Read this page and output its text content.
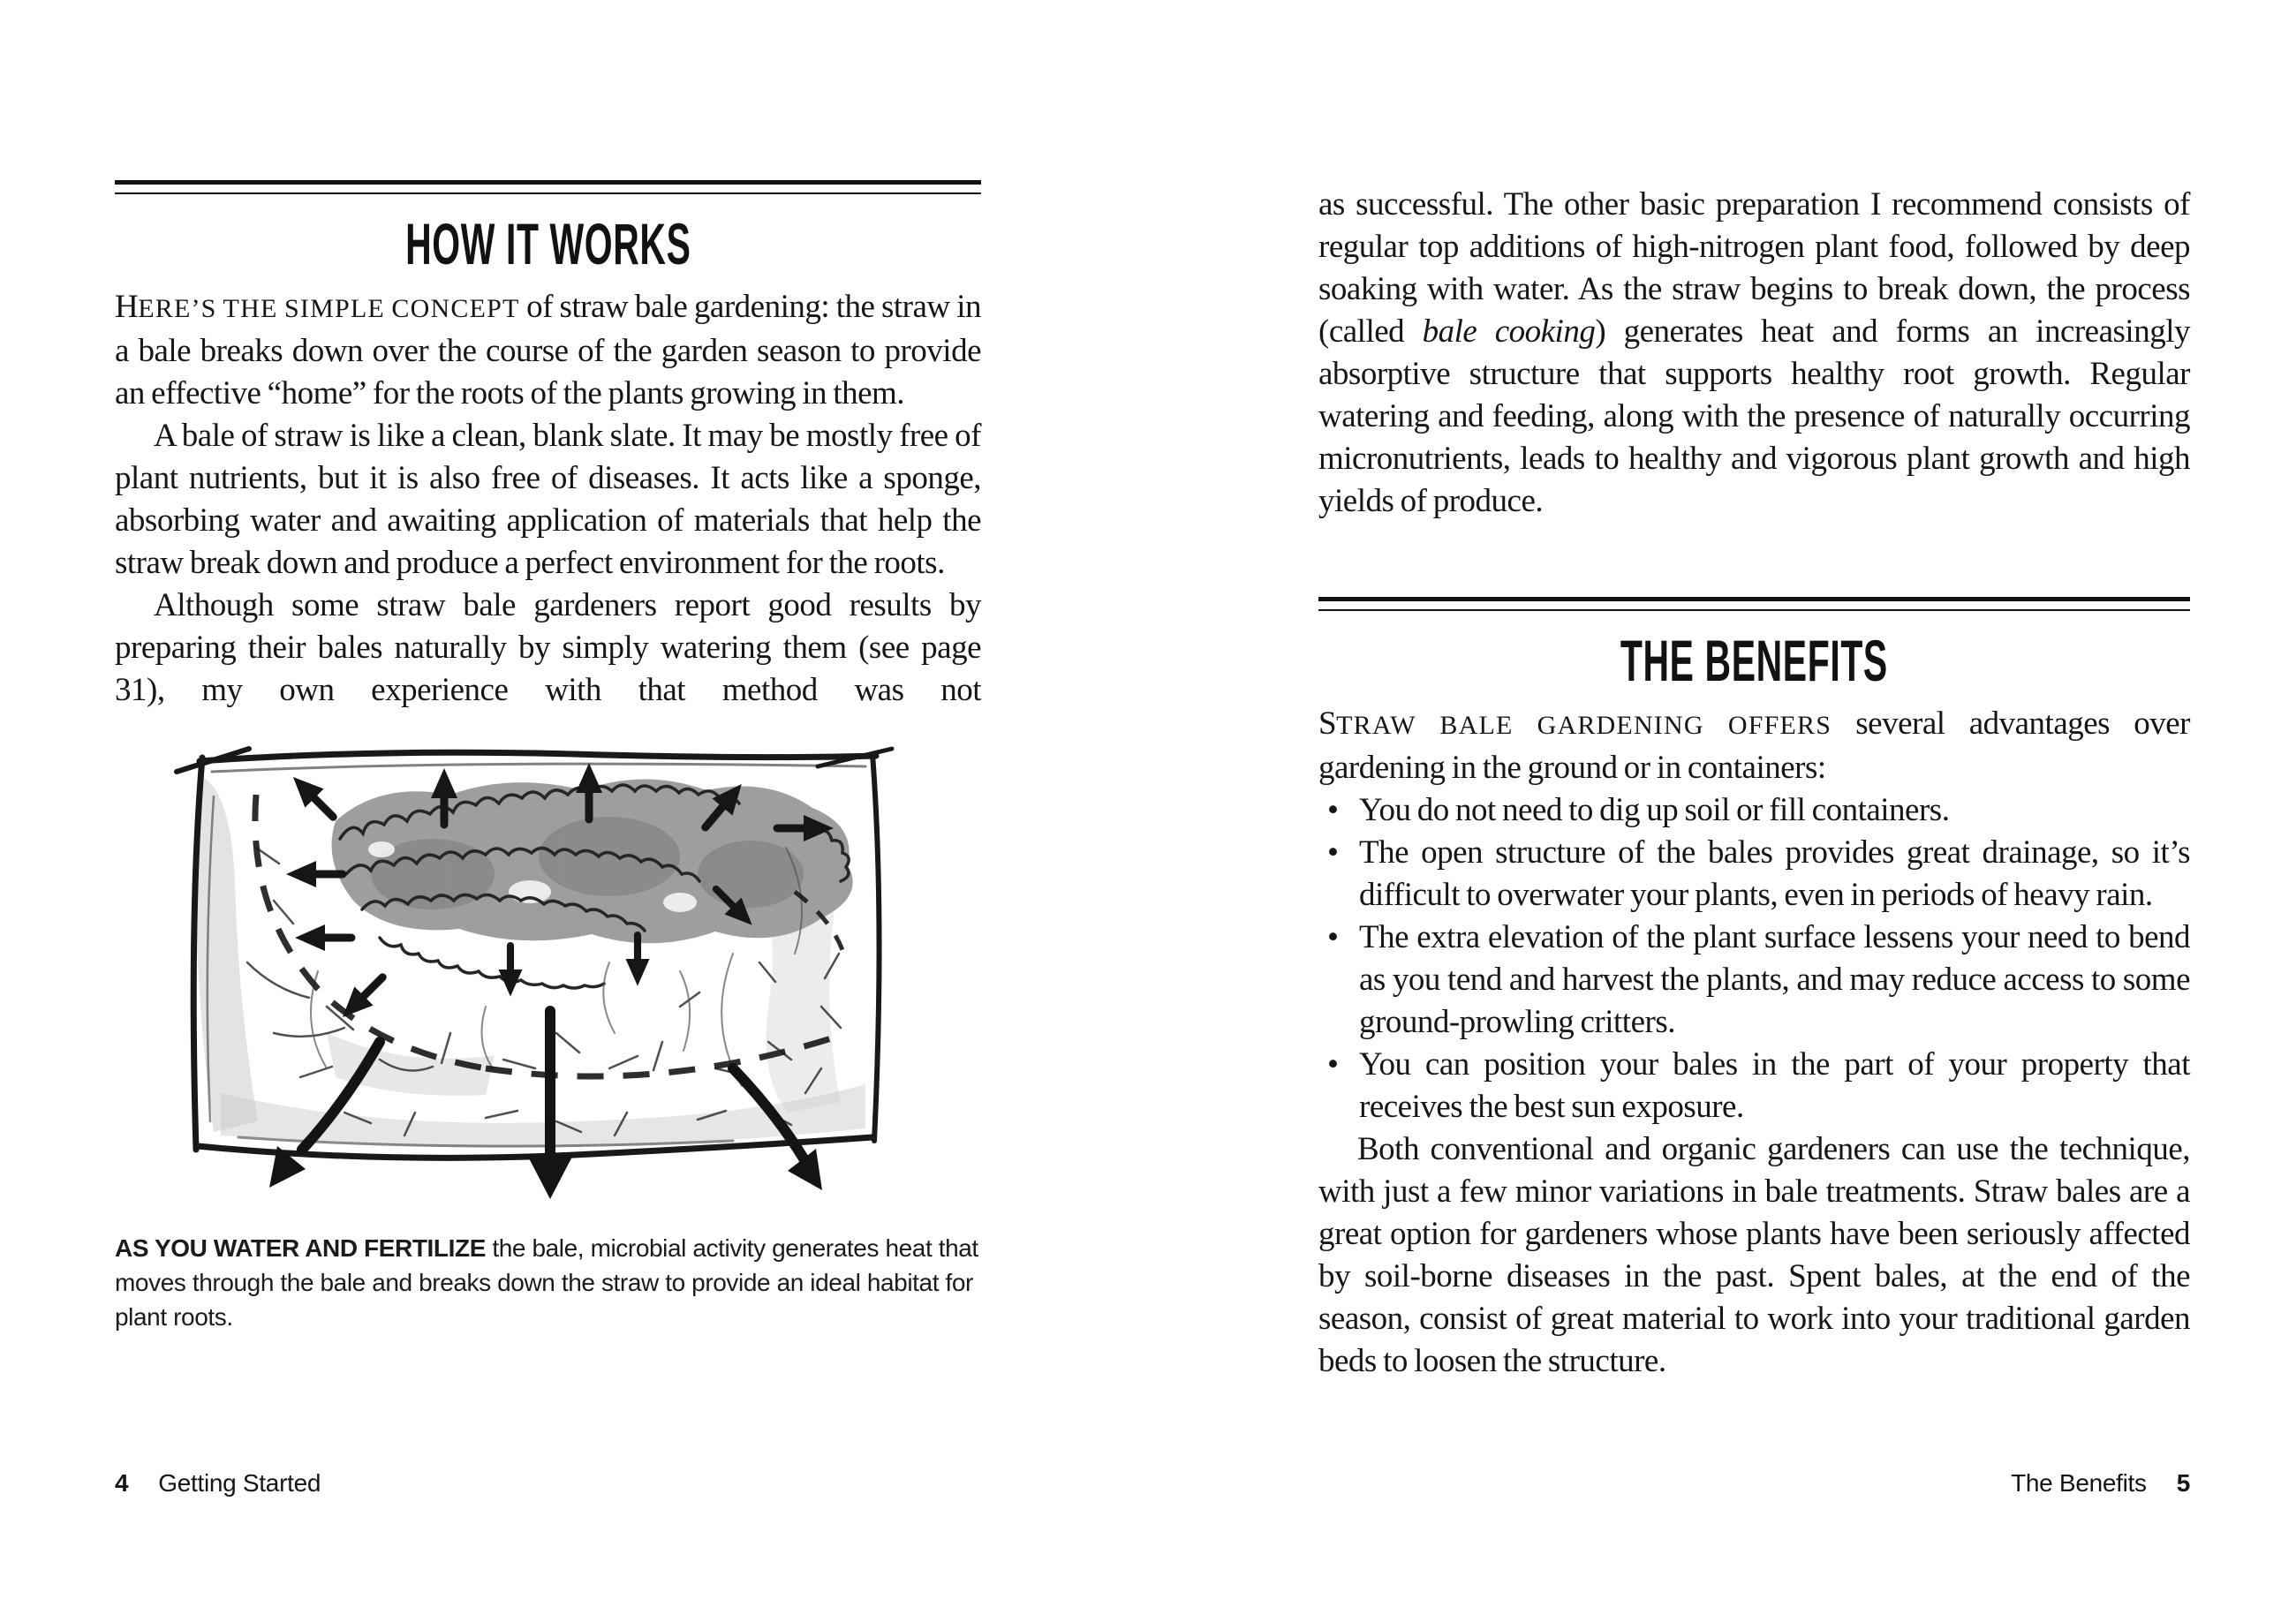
HOW IT WORKS

HERE’S THE SIMPLE CONCEPT of straw bale gardening: the straw in a bale breaks down over the course of the garden season to provide an effective “home” for the roots of the plants growing in them.

A bale of straw is like a clean, blank slate. It may be mostly free of plant nutrients, but it is also free of diseases. It acts like a sponge, absorbing water and awaiting application of materials that help the straw break down and produce a perfect environment for the roots.

Although some straw bale gardeners report good results by preparing their bales naturally by simply watering them (see page 31), my own experience with that method was not

AS YOU WATER AND FERTILIZE the bale, microbial activity generates heat that moves through the bale and breaks down the straw to provide an ideal habitat for plant roots.
4 Getting Started

as successful. The other basic preparation I recommend consists of regular top additions of high-nitrogen plant food, followed by deep soaking with water. As the straw begins to break down, the process (called bale cooking) generates heat and forms an increasingly absorptive structure that supports healthy root growth. Regular watering and feeding, along with the presence of naturally occurring micronutrients, leads to healthy and vigorous plant growth and high yields of produce.

THE BENEFITS

STRAW BALE GARDENING OFFERS several advantages over gardening in the ground or in containers:

• You do not need to dig up soil or fill containers.
• The open structure of the bales provides great drainage, so it’s difficult to overwater your plants, even in periods of heavy rain.
• The extra elevation of the plant surface lessens your need to bend as you tend and harvest the plants, and may reduce access to some ground-prowling critters.
• You can position your bales in the part of your property that receives the best sun exposure.

Both conventional and organic gardeners can use the technique, with just a few minor variations in bale treatments. Straw bales are a great option for gardeners whose plants have been seriously affected by soil-borne diseases in the past. Spent bales, at the end of the season, consist of great material to work into your traditional garden beds to loosen the structure.

The Benefits 5
